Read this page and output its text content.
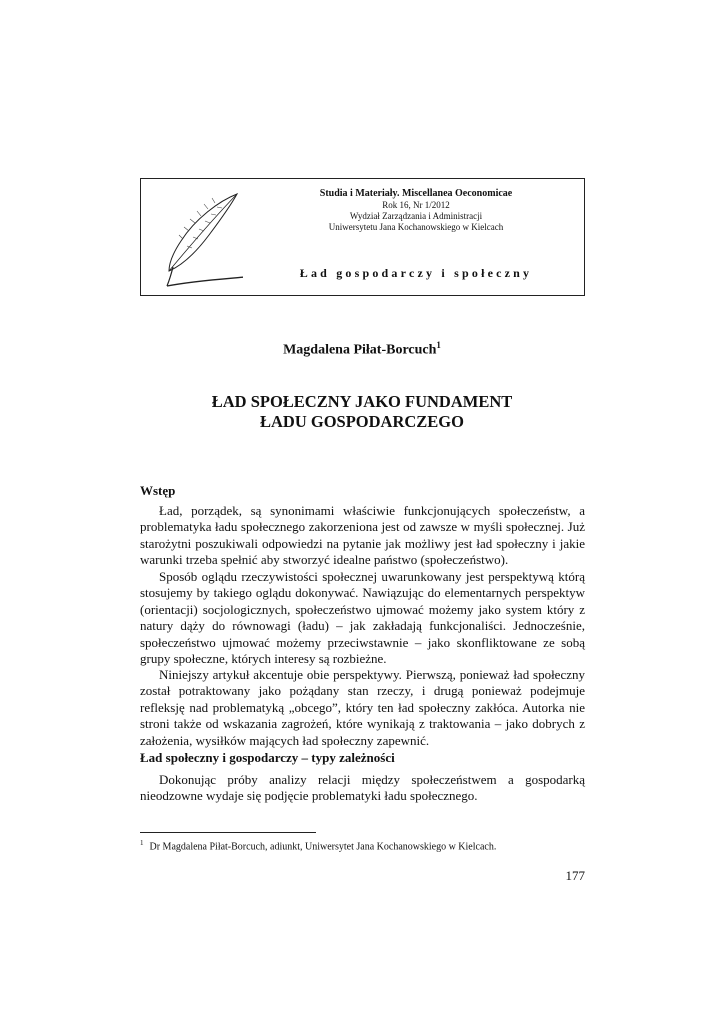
Studia i Materiały. Miscellanea Oeconomicae
Rok 16, Nr 1/2012
Wydział Zarządzania i Administracji
Uniwersytetu Jana Kochanowskiego w Kielcach
Ład gospodarczy i społeczny
Magdalena Piłat-Borcuch$^1$
ŁAD SPOŁECZNY JAKO FUNDAMENT
ŁADU GOSPODARCZEGO
Wstęp

Ład, porządek, są synonimami właściwie funkcjonujących społeczeństw, a problematyka ładu społecznego zakorzeniona jest od zawsze w myśli społecznej. Już starożytni poszukiwali odpowiedzi na pytanie jak możliwy jest ład społeczny i jakie warunki trzeba spełnić aby stworzyć idealne państwo (społeczeństwo).

Sposób oglądu rzeczywistości społecznej uwarunkowany jest perspektywą którą stosujemy by takiego oglądu dokonywać. Nawiązując do elementarnych perspektyw (orientacji) socjologicznych, społeczeństwo ujmować możemy jako system który z natury dąży do równowagi (ładu) – jak zakładają funkcjonaliści. Jednocześnie, społeczeństwo ujmować możemy przeciwstawnie – jako skonfliktowane ze sobą grupy społeczne, których interesy są rozbieżne.

Niniejszy artykuł akcentuje obie perspektywy. Pierwszą, ponieważ ład społeczny został potraktowany jako pożądany stan rzeczy, i drugą ponieważ podejmuje refleksję nad problematyką „obcego”, który ten ład społeczny zakłóca. Autorka nie stroni także od wskazania zagrożeń, które wynikają z traktowania – jako dobrych z założenia, wysiłków mających ład społeczny zapewnić.

Ład społeczny i gospodarczy – typy zależności

Dokonując próby analizy relacji między społeczeństwem a gospodarką nieodzowne wydaje się podjęcie problematyki ładu społecznego.

$^1$ Dr Magdalena Piłat-Borcuch, adiunkt, Uniwersytet Jana Kochanowskiego w Kielcach.
177
